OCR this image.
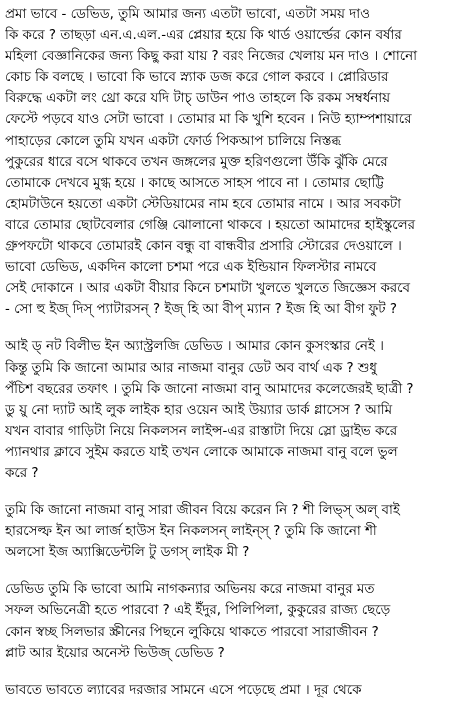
প্রমা ভাবে - ডেভিড, তুমি আমার জন্য এতটা ভাবো, এতটা সময় দাও
কি করে ? তাছড়া এন.এ.এল.-এর প্লেয়ার হয়ে কি থার্ড ওয়ার্ল্ডের কোন বর্ষার
মহিলা বেজ্ঞানিকের জন্য কিছু করা যায় ? বরং নিজের খেলায় মন দাও । শোনো
কোচ কি বলছে । ভাবো কি ভাবে স্ন্যাক ডজ করে গোল করবে । প্লোরিডার
বিরুদ্ধে একটা লং থ্রো করে যদি টাচ্ ডাউন পাও তাহলে কি রকম সম্বর্ধনায়
ফেস্টে পড়বে যাও সেটা ভাবো । তোমার মা কি খুশি হবেন । নিউ হ্যাম্পশায়ারে
পাহাড়ের কোলে তুমি যখন একটা ফোর্ড পিকআপ চালিয়ে নিস্তব্ধ
পুকুরের ধারে বসে থাকবে তখন জঙ্গলের মুক্ত হরিণগুলো উঁকি ঝুঁকি মেরে
তোমাকে দেখবে মুগ্ধ হয়ে । কাছে আসতে সাহস পাবে না । তোমার ছোট্টি
হোমটাউনে হয়তো একটা স্টেডিয়ামের নাম হবে তোমার নামে । আর সবকটা
বারে তোমার ছোটবেলার গেঞ্জি ঝোলানো থাকবে । হয়তো আমাদের হাইস্কুলের
গ্রুপফটো থাকবে তোমারই কোন বন্ধু বা বান্ধবীর প্রসারি স্টোরের দেওয়ালে ।
ভাবো ডেভিড, একদিন কালো চশমা পরে এক ইন্ডিয়ান ফিলস্টার নামবে
সেই দোকানে । আর একটা বীয়ার কিনে চশমাটা খুলতে খুলতে জিজ্ঞেস করবে
- সো হু ইজ্ দিস্ প্যাটারসন্ ? ইজ্ হি আ বীপ্ ম্যান ? ইজ হি আ বীগ ফুট ?

আই ড্ নট বিলীভ ইন অ্যাস্ট্রলজি ডেভিড । আমার কোন কুসংস্কার নেই ।
কিন্তু তুমি কি জানো আমার আর নাজমা বানুর ডেট অব বার্থ এক ? শুধু
পঁচিশ বছরের তফাৎ । তুমি কি জানো নাজমা বানু আমাদের কলেজেরই ছাত্রী ?
ডু য়ু নো দ্যাট আই লুক লাইক হার ওয়েন আই উয়্যার ডার্ক গ্লাসেস ? আমি
যখন বাবার গাড়িটা নিয়ে নিকলসন লাইন্স-এর রাস্তাটা দিয়ে স্লো ড্রাইভ করে
প্যানথার ক্লাবে সুইম করতে যাই তখন লোকে আমাকে নাজমা বানু বলে ভুল
করে ?

তুমি কি জানো নাজমা বানু সারা জীবন বিয়ে করেন নি ? শী লিভ্স্ অল্ বাই
হারসেল্ফ ইন আ লার্জ হাউস ইন নিকলসন্ লাইন্স্ ? তুমি কি জানো শী
অলসো ইজ অ্যাক্সিডেন্টলি টু ডগস্ লাইক মী ?

ডেভিড তুমি কি ভাবো আমি নাগকন্যার অভিনয় করে নাজমা বানুর মত
সফল অভিনেত্রী হতে পারবো ? এই ইঁদুর, পিলিপিলা, কুকুরের রাজ্য ছেড়ে
কোন স্বচ্ছ সিলভার স্ক্রীনের পিছনে লুকিয়ে থাকতে পারবো সারাজীবন ?
প্লাট আর ইয়োর অনেস্ট ভিউজ্ ডেভিড ?

ভাবতে ভাবতে ল্যাবের দরজার সামনে এসে পড়েছে প্রমা । দূর থেকে
